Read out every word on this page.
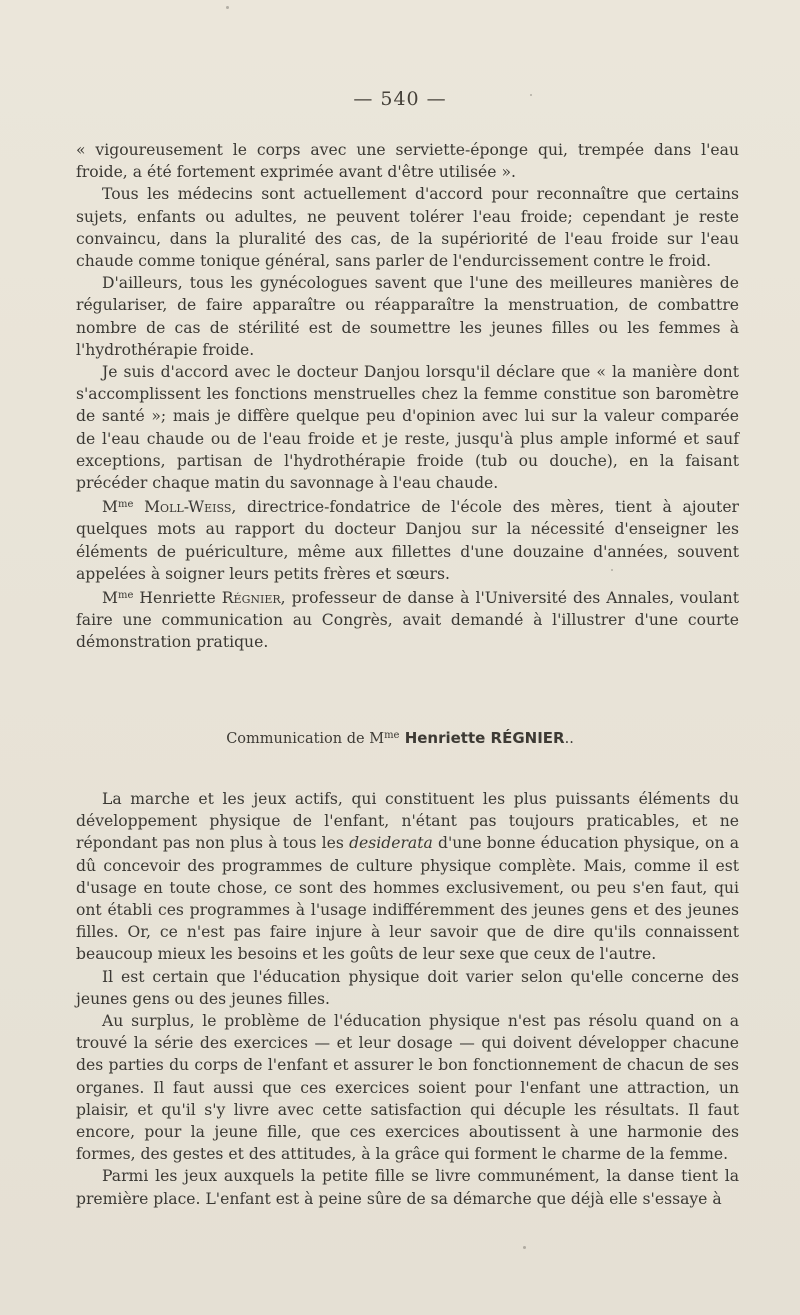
— 540 —

« vigoureusement le corps avec une serviette-éponge qui, trempée dans l'eau froide, a été fortement exprimée avant d'être utilisée ».

Tous les médecins sont actuellement d'accord pour reconnaître que certains sujets, enfants ou adultes, ne peuvent tolérer l'eau froide; cependant je reste convaincu, dans la pluralité des cas, de la supériorité de l'eau froide sur l'eau chaude comme tonique général, sans parler de l'endurcissement contre le froid.

D'ailleurs, tous les gynécologues savent que l'une des meilleures manières de régulariser, de faire apparaître ou réapparaître la menstruation, de combattre nombre de cas de stérilité est de soumettre les jeunes filles ou les femmes à l'hydrothérapie froide.

Je suis d'accord avec le docteur Danjou lorsqu'il déclare que « la manière dont s'accomplissent les fonctions menstruelles chez la femme constitue son baromètre de santé »; mais je diffère quelque peu d'opinion avec lui sur la valeur comparée de l'eau chaude ou de l'eau froide et je reste, jusqu'à plus ample informé et sauf exceptions, partisan de l'hydrothérapie froide (tub ou douche), en la faisant précéder chaque matin du savonnage à l'eau chaude.

$M^{me}$ Moll-Weiss, directrice-fondatrice de l'école des mères, tient à ajouter quelques mots au rapport du docteur Danjou sur la nécessité d'enseigner les éléments de puériculture, même aux fillettes d'une douzaine d'années, souvent appelées à soigner leurs petits frères et sœurs.

$M^{me}$ Henriette Régnier, professeur de danse à l'Université des Annales, voulant faire une communication au Congrès, avait demandé à l'illustrer d'une courte démonstration pratique.

Communication de $M^{me}$ Henriette RÉGNIER..

La marche et les jeux actifs, qui constituent les plus puissants éléments du développement physique de l'enfant, n'étant pas toujours praticables, et ne répondant pas non plus à tous les desiderata d'une bonne éducation physique, on a dû concevoir des programmes de culture physique complète. Mais, comme il est d'usage en toute chose, ce sont des hommes exclusivement, ou peu s'en faut, qui ont établi ces programmes à l'usage indifféremment des jeunes gens et des jeunes filles. Or, ce n'est pas faire injure à leur savoir que de dire qu'ils connaissent beaucoup mieux les besoins et les goûts de leur sexe que ceux de l'autre.

Il est certain que l'éducation physique doit varier selon qu'elle concerne des jeunes gens ou des jeunes filles.

Au surplus, le problème de l'éducation physique n'est pas résolu quand on a trouvé la série des exercices — et leur dosage — qui doivent développer chacune des parties du corps de l'enfant et assurer le bon fonctionnement de chacun de ses organes. Il faut aussi que ces exercices soient pour l'enfant une attraction, un plaisir, et qu'il s'y livre avec cette satisfaction qui décuple les résultats. Il faut encore, pour la jeune fille, que ces exercices aboutissent à une harmonie des formes, des gestes et des attitudes, à la grâce qui forment le charme de la femme.

Parmi les jeux auxquels la petite fille se livre communément, la danse tient la première place. L'enfant est à peine sûre de sa démarche que déjà elle s'essaye à
